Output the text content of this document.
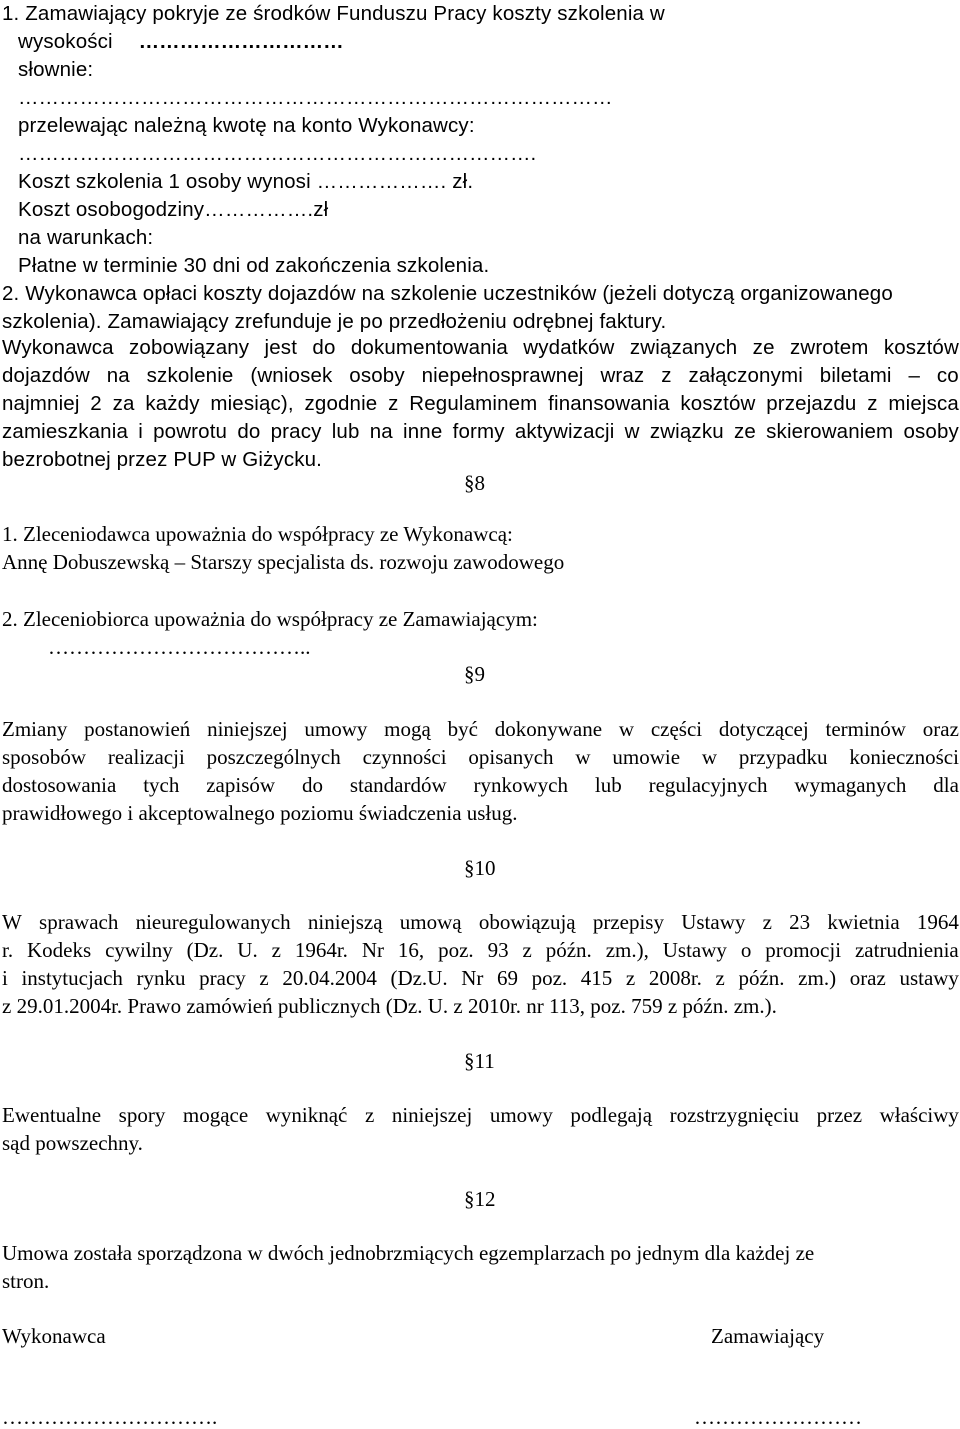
1. Zamawiający pokryje ze środków Funduszu Pracy koszty szkolenia w

wysokości …………………………

słownie:

……………………………………………………………………………

przelewając należną kwotę na konto Wykonawcy:

………………………………………………………………….

Koszt szkolenia 1 osoby wynosi ………………. zł.

Koszt osobogodziny…………….zł

na warunkach:

Płatne w terminie 30 dni od zakończenia szkolenia.

2. Wykonawca opłaci koszty dojazdów na szkolenie uczestników (jeżeli dotyczą organizowanego

szkolenia). Zamawiający zrefunduje je po przedłożeniu odrębnej faktury.

Wykonawca zobowiązany jest do dokumentowania wydatków związanych ze zwrotem kosztów
dojazdów na szkolenie (wniosek osoby niepełnosprawnej wraz z załączonymi biletami – co
najmniej 2 za każdy miesiąc), zgodnie z Regulaminem finansowania kosztów przejazdu z miejsca
zamieszkania i powrotu do pracy lub na inne formy aktywizacji w związku ze skierowaniem osoby

bezrobotnej przez PUP w Giżycku.

§8

1. Zleceniodawca upoważnia do współpracy ze Wykonawcą:

Annę Dobuszewską – Starszy specjalista ds. rozwoju zawodowego

2. Zleceniobiorca upoważnia do współpracy ze Zamawiającym:

………………………………..

§9

Zmiany postanowień niniejszej umowy mogą być dokonywane w części dotyczącej terminów oraz
sposobów realizacji poszczególnych czynności opisanych w umowie w przypadku konieczności
dostosowania tych zapisów do standardów rynkowych lub regulacyjnych wymaganych dla

prawidłowego i akceptowalnego poziomu świadczenia usług.

§10

W sprawach nieuregulowanych niniejszą umową obowiązują przepisy Ustawy z 23 kwietnia 1964
r. Kodeks cywilny (Dz. U. z 1964r. Nr 16, poz. 93 z późn. zm.), Ustawy o promocji zatrudnienia
i instytucjach rynku pracy z 20.04.2004 (Dz.U. Nr 69 poz. 415 z 2008r. z późn. zm.) oraz ustawy

z 29.01.2004r. Prawo zamówień publicznych (Dz. U. z 2010r. nr 113, poz. 759 z późn. zm.).

§11

Ewentualne spory mogące wyniknąć z niniejszej umowy podlegają rozstrzygnięciu przez właściwy

sąd powszechny.

§12

Umowa została sporządzona w dwóch jednobrzmiących egzemplarzach po jednym dla każdej ze

stron.

Wykonawca	Zamawiający

………………………….	……………………
